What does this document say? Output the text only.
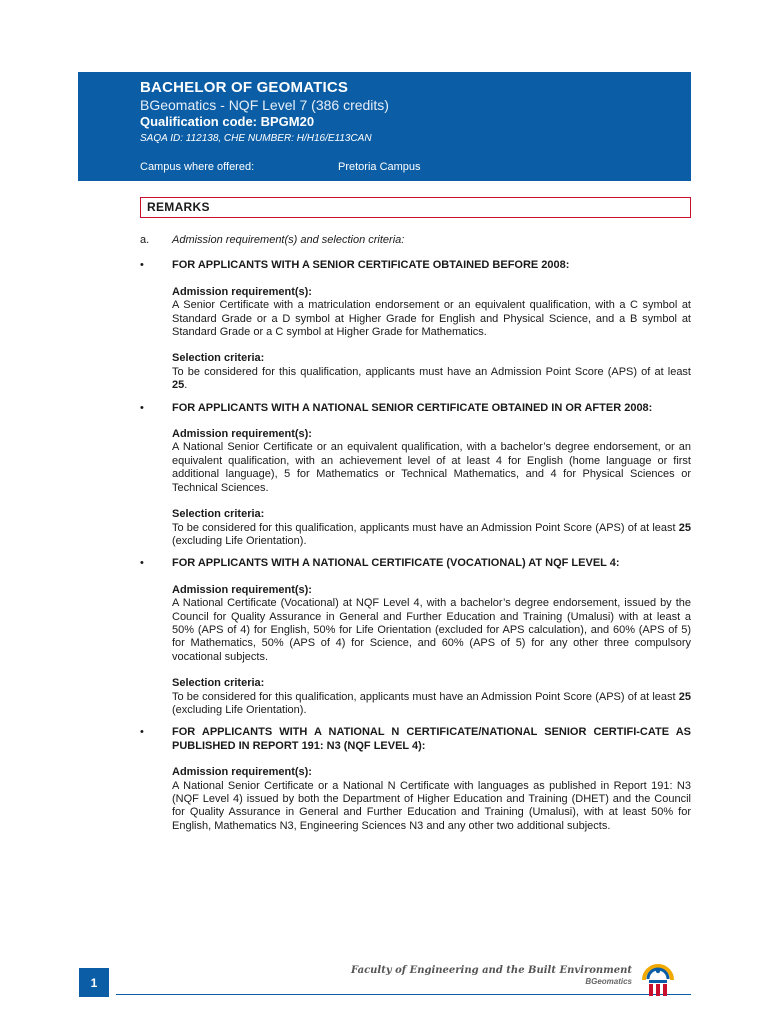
BACHELOR OF GEOMATICS
BGeomatics - NQF Level 7 (386 credits)
Qualification code: BPGM20
SAQA ID: 112138, CHE NUMBER: H/H16/E113CAN
Campus where offered:	Pretoria Campus
REMARKS
a.	Admission requirement(s) and selection criteria:
•	FOR APPLICANTS WITH A SENIOR CERTIFICATE OBTAINED BEFORE 2008:
Admission requirement(s):
A Senior Certificate with a matriculation endorsement or an equivalent qualification, with a C symbol at Standard Grade or a D symbol at Higher Grade for English and Physical Science, and a B symbol at Standard Grade or a C symbol at Higher Grade for Mathematics.
Selection criteria:
To be considered for this qualification, applicants must have an Admission Point Score (APS) of at least 25.
•	FOR APPLICANTS WITH A NATIONAL SENIOR CERTIFICATE OBTAINED IN OR AFTER 2008:
Admission requirement(s):
A National Senior Certificate or an equivalent qualification, with a bachelor’s degree endorsement, or an equivalent qualification, with an achievement level of at least 4 for English (home language or first additional language), 5 for Mathematics or Technical Mathematics, and 4 for Physical Sciences or Technical Sciences.
Selection criteria:
To be considered for this qualification, applicants must have an Admission Point Score (APS) of at least 25 (excluding Life Orientation).
•	FOR APPLICANTS WITH A NATIONAL CERTIFICATE (VOCATIONAL) AT NQF LEVEL 4:
Admission requirement(s):
A National Certificate (Vocational) at NQF Level 4, with a bachelor’s degree endorsement, issued by the Council for Quality Assurance in General and Further Education and Training (Umalusi) with at least a 50% (APS of 4) for English, 50% for Life Orientation (excluded for APS calculation), and 60% (APS of 5) for Mathematics, 50% (APS of 4) for Science, and 60% (APS of 5) for any other three compulsory vocational subjects.
Selection criteria:
To be considered for this qualification, applicants must have an Admission Point Score (APS) of at least 25 (excluding Life Orientation).
•	FOR APPLICANTS WITH A NATIONAL N CERTIFICATE/NATIONAL SENIOR CERTIFI-CATE AS PUBLISHED IN REPORT 191: N3 (NQF LEVEL 4):
Admission requirement(s):
A National Senior Certificate or a National N Certificate with languages as published in Report 191: N3 (NQF Level 4) issued by both the Department of Higher Education and Training (DHET) and the Council for Quality Assurance in General and Further Education and Training (Umalusi), with at least 50% for English, Mathematics N3, Engineering Sciences N3 and any other two additional subjects.
1
Faculty of Engineering and the Built Environment
BGeomatics
